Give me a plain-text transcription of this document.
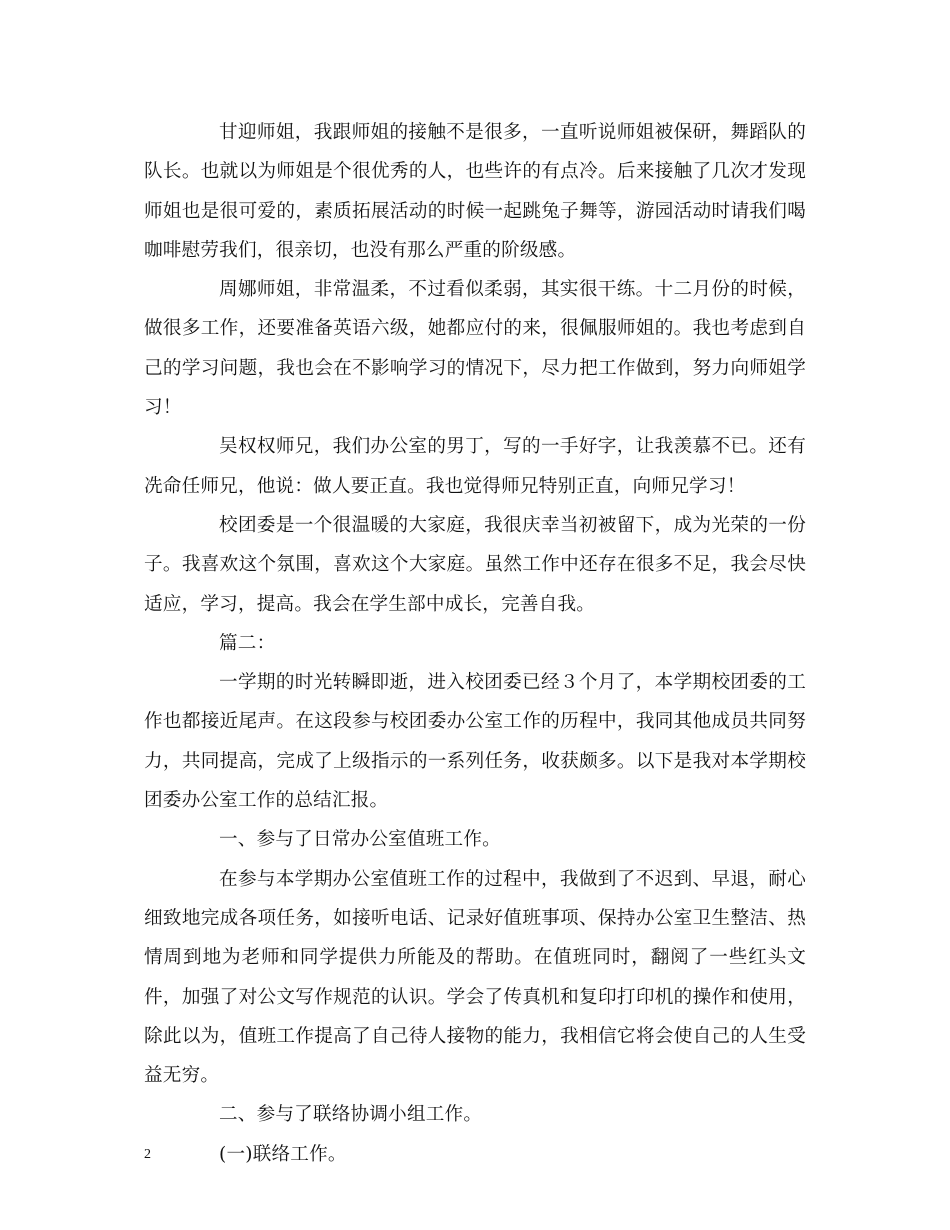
甘迎师姐，我跟师姐的接触不是很多，一直听说师姐被保研，舞蹈队的队长。也就以为师姐是个很优秀的人，也些许的有点冷。后来接触了几次才发现师姐也是很可爱的，素质拓展活动的时候一起跳兔子舞等，游园活动时请我们喝咖啡慰劳我们，很亲切，也没有那么严重的阶级感。

周娜师姐，非常温柔，不过看似柔弱，其实很干练。十二月份的时候，做很多工作，还要准备英语六级，她都应付的来，很佩服师姐的。我也考虑到自己的学习问题，我也会在不影响学习的情况下，尽力把工作做到，努力向师姐学习！

吴权权师兄，我们办公室的男丁，写的一手好字，让我羡慕不已。还有冼命任师兄，他说：做人要正直。我也觉得师兄特别正直，向师兄学习！

校团委是一个很温暖的大家庭，我很庆幸当初被留下，成为光荣的一份子。我喜欢这个氛围，喜欢这个大家庭。虽然工作中还存在很多不足，我会尽快适应，学习，提高。我会在学生部中成长，完善自我。

篇二：

一学期的时光转瞬即逝，进入校团委已经３个月了，本学期校团委的工作也都接近尾声。在这段参与校团委办公室工作的历程中，我同其他成员共同努力，共同提高，完成了上级指示的一系列任务，收获颇多。以下是我对本学期校团委办公室工作的总结汇报。

一、参与了日常办公室值班工作。

在参与本学期办公室值班工作的过程中，我做到了不迟到、早退，耐心细致地完成各项任务，如接听电话、记录好值班事项、保持办公室卫生整洁、热情周到地为老师和同学提供力所能及的帮助。在值班同时，翻阅了一些红头文件，加强了对公文写作规范的认识。学会了传真机和复印打印机的操作和使用，除此以为，值班工作提高了自己待人接物的能力，我相信它将会使自己的人生受益无穷。

二、参与了联络协调小组工作。

(一)联络工作。

2
